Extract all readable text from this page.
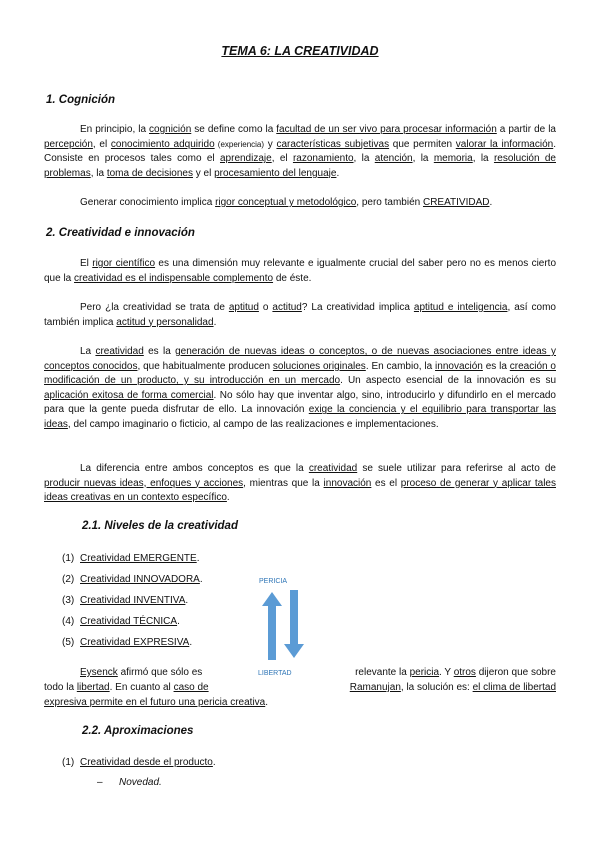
TEMA 6: LA CREATIVIDAD
1. Cognición

En principio, la cognición se define como la facultad de un ser vivo para procesar información a partir de la percepción, el conocimiento adquirido (experiencia) y características subjetivas que permiten valorar la información. Consiste en procesos tales como el aprendizaje, el razonamiento, la atención, la memoria, la resolución de problemas, la toma de decisiones y el procesamiento del lenguaje.

Generar conocimiento implica rigor conceptual y metodológico, pero también CREATIVIDAD.

2. Creatividad e innovación

El rigor científico es una dimensión muy relevante e igualmente crucial del saber pero no es menos cierto que la creatividad es el indispensable complemento de éste.

Pero ¿la creatividad se trata de aptitud o actitud? La creatividad implica aptitud e inteligencia, así como también implica actitud y personalidad.

La creatividad es la generación de nuevas ideas o conceptos, o de nuevas asociaciones entre ideas y conceptos conocidos, que habitualmente producen soluciones originales. En cambio, la innovación es la creación o modificación de un producto, y su introducción en un mercado. Un aspecto esencial de la innovación es su aplicación exitosa de forma comercial. No sólo hay que inventar algo, sino, introducirlo y difundirlo en el mercado para que la gente pueda disfrutar de ello. La innovación exige la conciencia y el equilibrio para transportar las ideas, del campo imaginario o ficticio, al campo de las realizaciones e implementaciones.

La diferencia entre ambos conceptos es que la creatividad se suele utilizar para referirse al acto de producir nuevas ideas, enfoques y acciones, mientras que la innovación es el proceso de generar y aplicar tales ideas creativas en un contexto específico.

2.1. Niveles de la creatividad
(1) Creatividad EMERGENTE.
(2) Creatividad INNOVADORA.
(3) Creatividad INVENTIVA.
(4) Creatividad TÉCNICA.
(5) Creatividad EXPRESIVA.
PERICIA
LIBERTAD
Eysenck afirmó que sólo es	relevante la pericia. Y otros dijeron que sobre
todo la libertad. En cuanto al caso de	Ramanujan, la solución es: el clima de libertad
expresiva permite en el futuro una pericia creativa.
2.2. Aproximaciones
(1) Creatividad desde el producto.
– Novedad.
